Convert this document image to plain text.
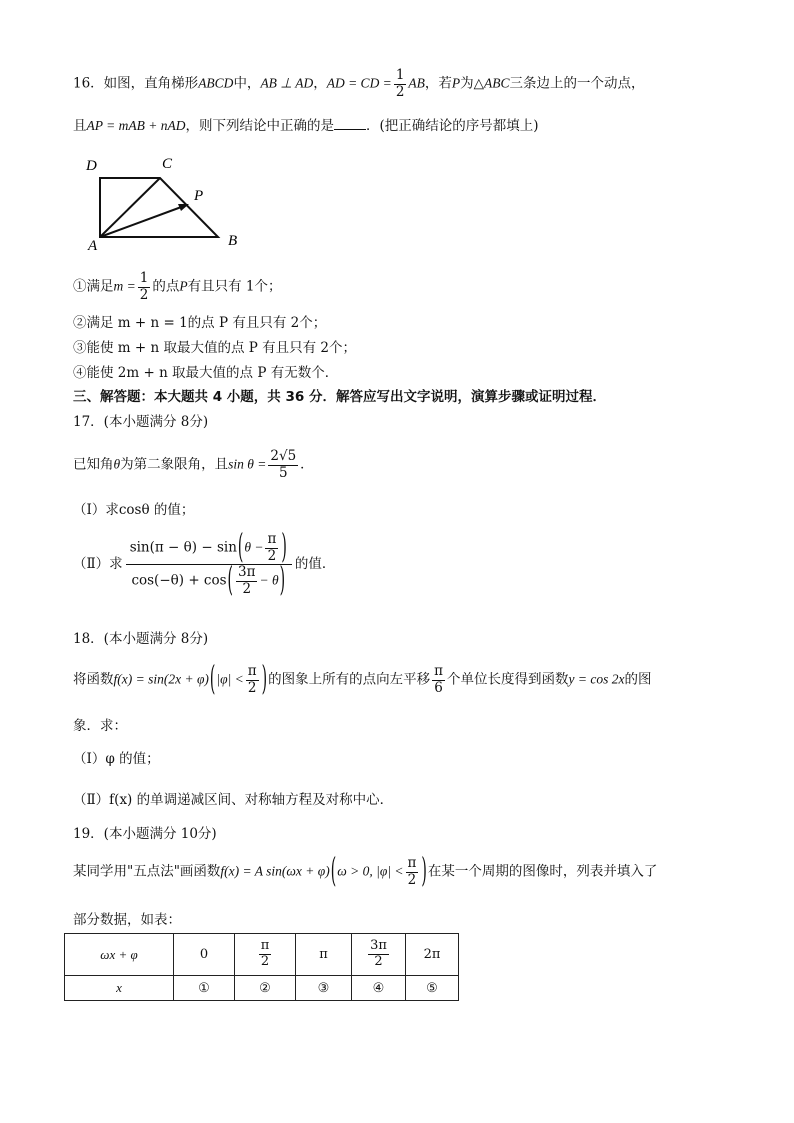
16．如图，直角梯形ABCD中，AB ⊥ AD，AD = CD = $\frac{1}{2}$ AB，若P为△ABC三条边上的一个动点，
且AP = mAB + nAD，则下列结论中正确的是 ．(把正确结论的序号都填上)
D	C
P
A	B
①满足$m = \frac{1}{2}$ 的点P有且只有 1个；
②满足 m + n = 1的点 P 有且只有 2个；
③能使 m + n 取最大值的点 P 有且只有 2个；
④能使 2m + n 取最大值的点 P 有无数个．
三、解答题：本大题共 4 小题，共 36 分．解答应写出文字说明，演算步骤或证明过程．
17．(本小题满分 8分)
已知角θ为第二象限角，且$\sin \theta = \frac{2√5}{5}$ ．
（Ⅰ）求cosθ 的值；
（Ⅱ）求 $\frac{\sin(\pi - \theta) - \sin(\theta - \frac{\pi}{2} )}{\cos(-\theta) + \cos( \frac{3\pi}{2} - \theta)}$ 的值．
18．(本小题满分 8分)
将函数$f(x) = \sin(2x + \varphi)(|\varphi| < \frac{\pi}{2}$ )的图象上所有的点向左平移 $\frac{\pi}{6}$ 个单位长度得到函数y = cos 2x的图
象．求：
（Ⅰ）φ 的值；
（Ⅱ）f(x) 的单调递减区间、对称轴方程及对称中心．
19．(本小题满分 10分)
某同学用"五点法"画函数f(x) = A sin(ωx + φ)(ω > 0, $|\varphi| < \frac{\pi}{2}$ )在某一个周期的图像时，列表并填入了
部分数据，如表：
ωx + φ	0	$\frac{\pi}{2}$	π	$\frac{3\pi}{2}$	2π
x	①	②	③	④	⑤
